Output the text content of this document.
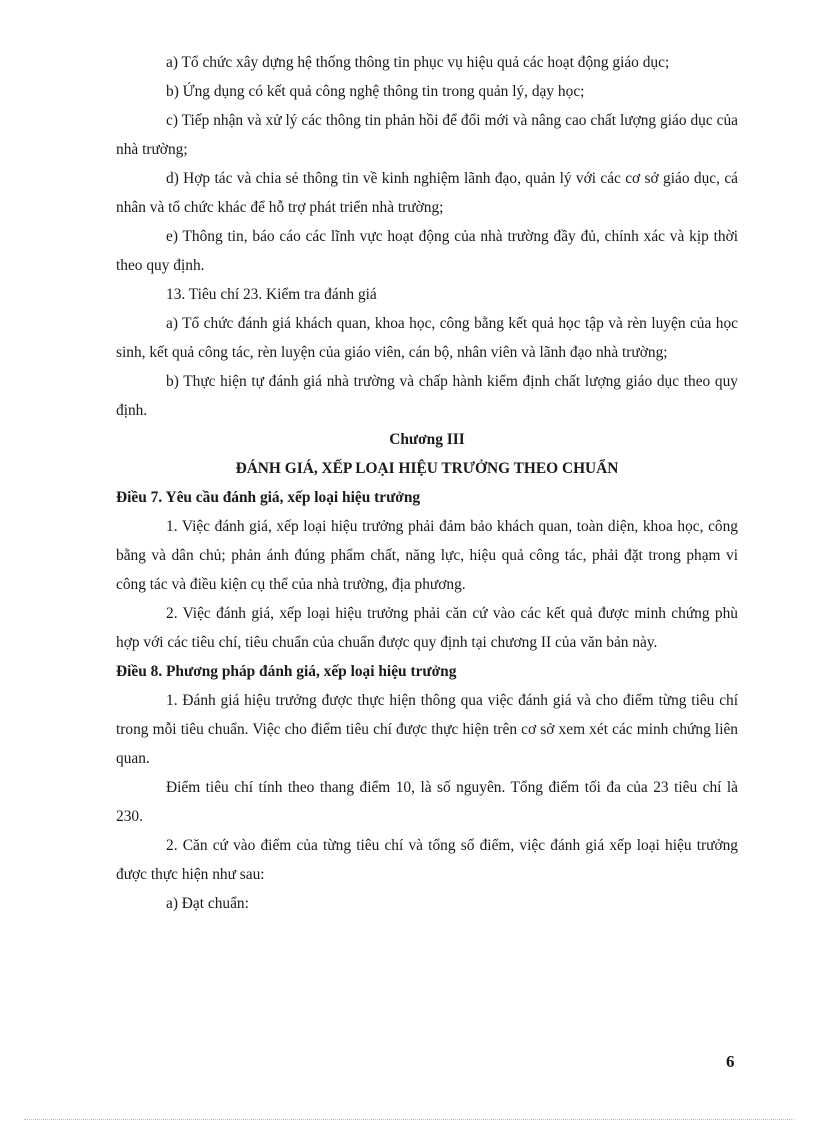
a) Tổ chức xây dựng hệ thống thông tin phục vụ hiệu quả các hoạt động giáo dục;

b) Ứng dụng có kết quả công nghệ thông tin trong quản lý, dạy học;

c) Tiếp nhận và xử lý các thông tin phản hồi để đổi mới và nâng cao chất lượng giáo dục của nhà trường;

d) Hợp tác và chia sẻ thông tin về kinh nghiệm lãnh đạo, quản lý với các cơ sở giáo dục, cá nhân và tổ chức khác để hỗ trợ phát triển nhà trường;

e) Thông tin, báo cáo các lĩnh vực hoạt động của nhà trường đầy đủ, chính xác và kịp thời theo quy định.

13. Tiêu chí 23. Kiểm tra đánh giá

a) Tổ chức đánh giá khách quan, khoa học, công bằng kết quả học tập và rèn luyện của học sinh, kết quả công tác, rèn luyện của giáo viên, cán bộ, nhân viên và lãnh đạo nhà trường;

b) Thực hiện tự đánh giá nhà trường và chấp hành kiểm định chất lượng giáo dục theo quy định.

Chương III

ĐÁNH GIÁ, XẾP LOẠI HIỆU TRƯỞNG THEO CHUẨN

Điều 7. Yêu cầu đánh giá, xếp loại hiệu trưởng

1. Việc đánh giá, xếp loại hiệu trưởng phải đảm bảo khách quan, toàn diện, khoa học, công bằng và dân chủ; phản ánh đúng phẩm chất, năng lực, hiệu quả công tác, phải đặt trong phạm vi công tác và điều kiện cụ thể của nhà trường, địa phương.

2. Việc đánh giá, xếp loại hiệu trưởng phải căn cứ vào các kết quả được minh chứng phù hợp với các tiêu chí, tiêu chuẩn của chuẩn được quy định tại chương II của văn bản này.

Điều 8. Phương pháp đánh giá, xếp loại hiệu trưởng

1. Đánh giá hiệu trưởng được thực hiện thông qua việc đánh giá và cho điểm từng tiêu chí trong mỗi tiêu chuẩn. Việc cho điểm tiêu chí được thực hiện trên cơ sở xem xét các minh chứng liên quan.

Điểm tiêu chí tính theo thang điểm 10, là số nguyên. Tổng điểm tối đa của 23 tiêu chí là 230.

2. Căn cứ vào điểm của từng tiêu chí và tổng số điểm, việc đánh giá xếp loại hiệu trưởng được thực hiện như sau:

a) Đạt chuẩn:

6
